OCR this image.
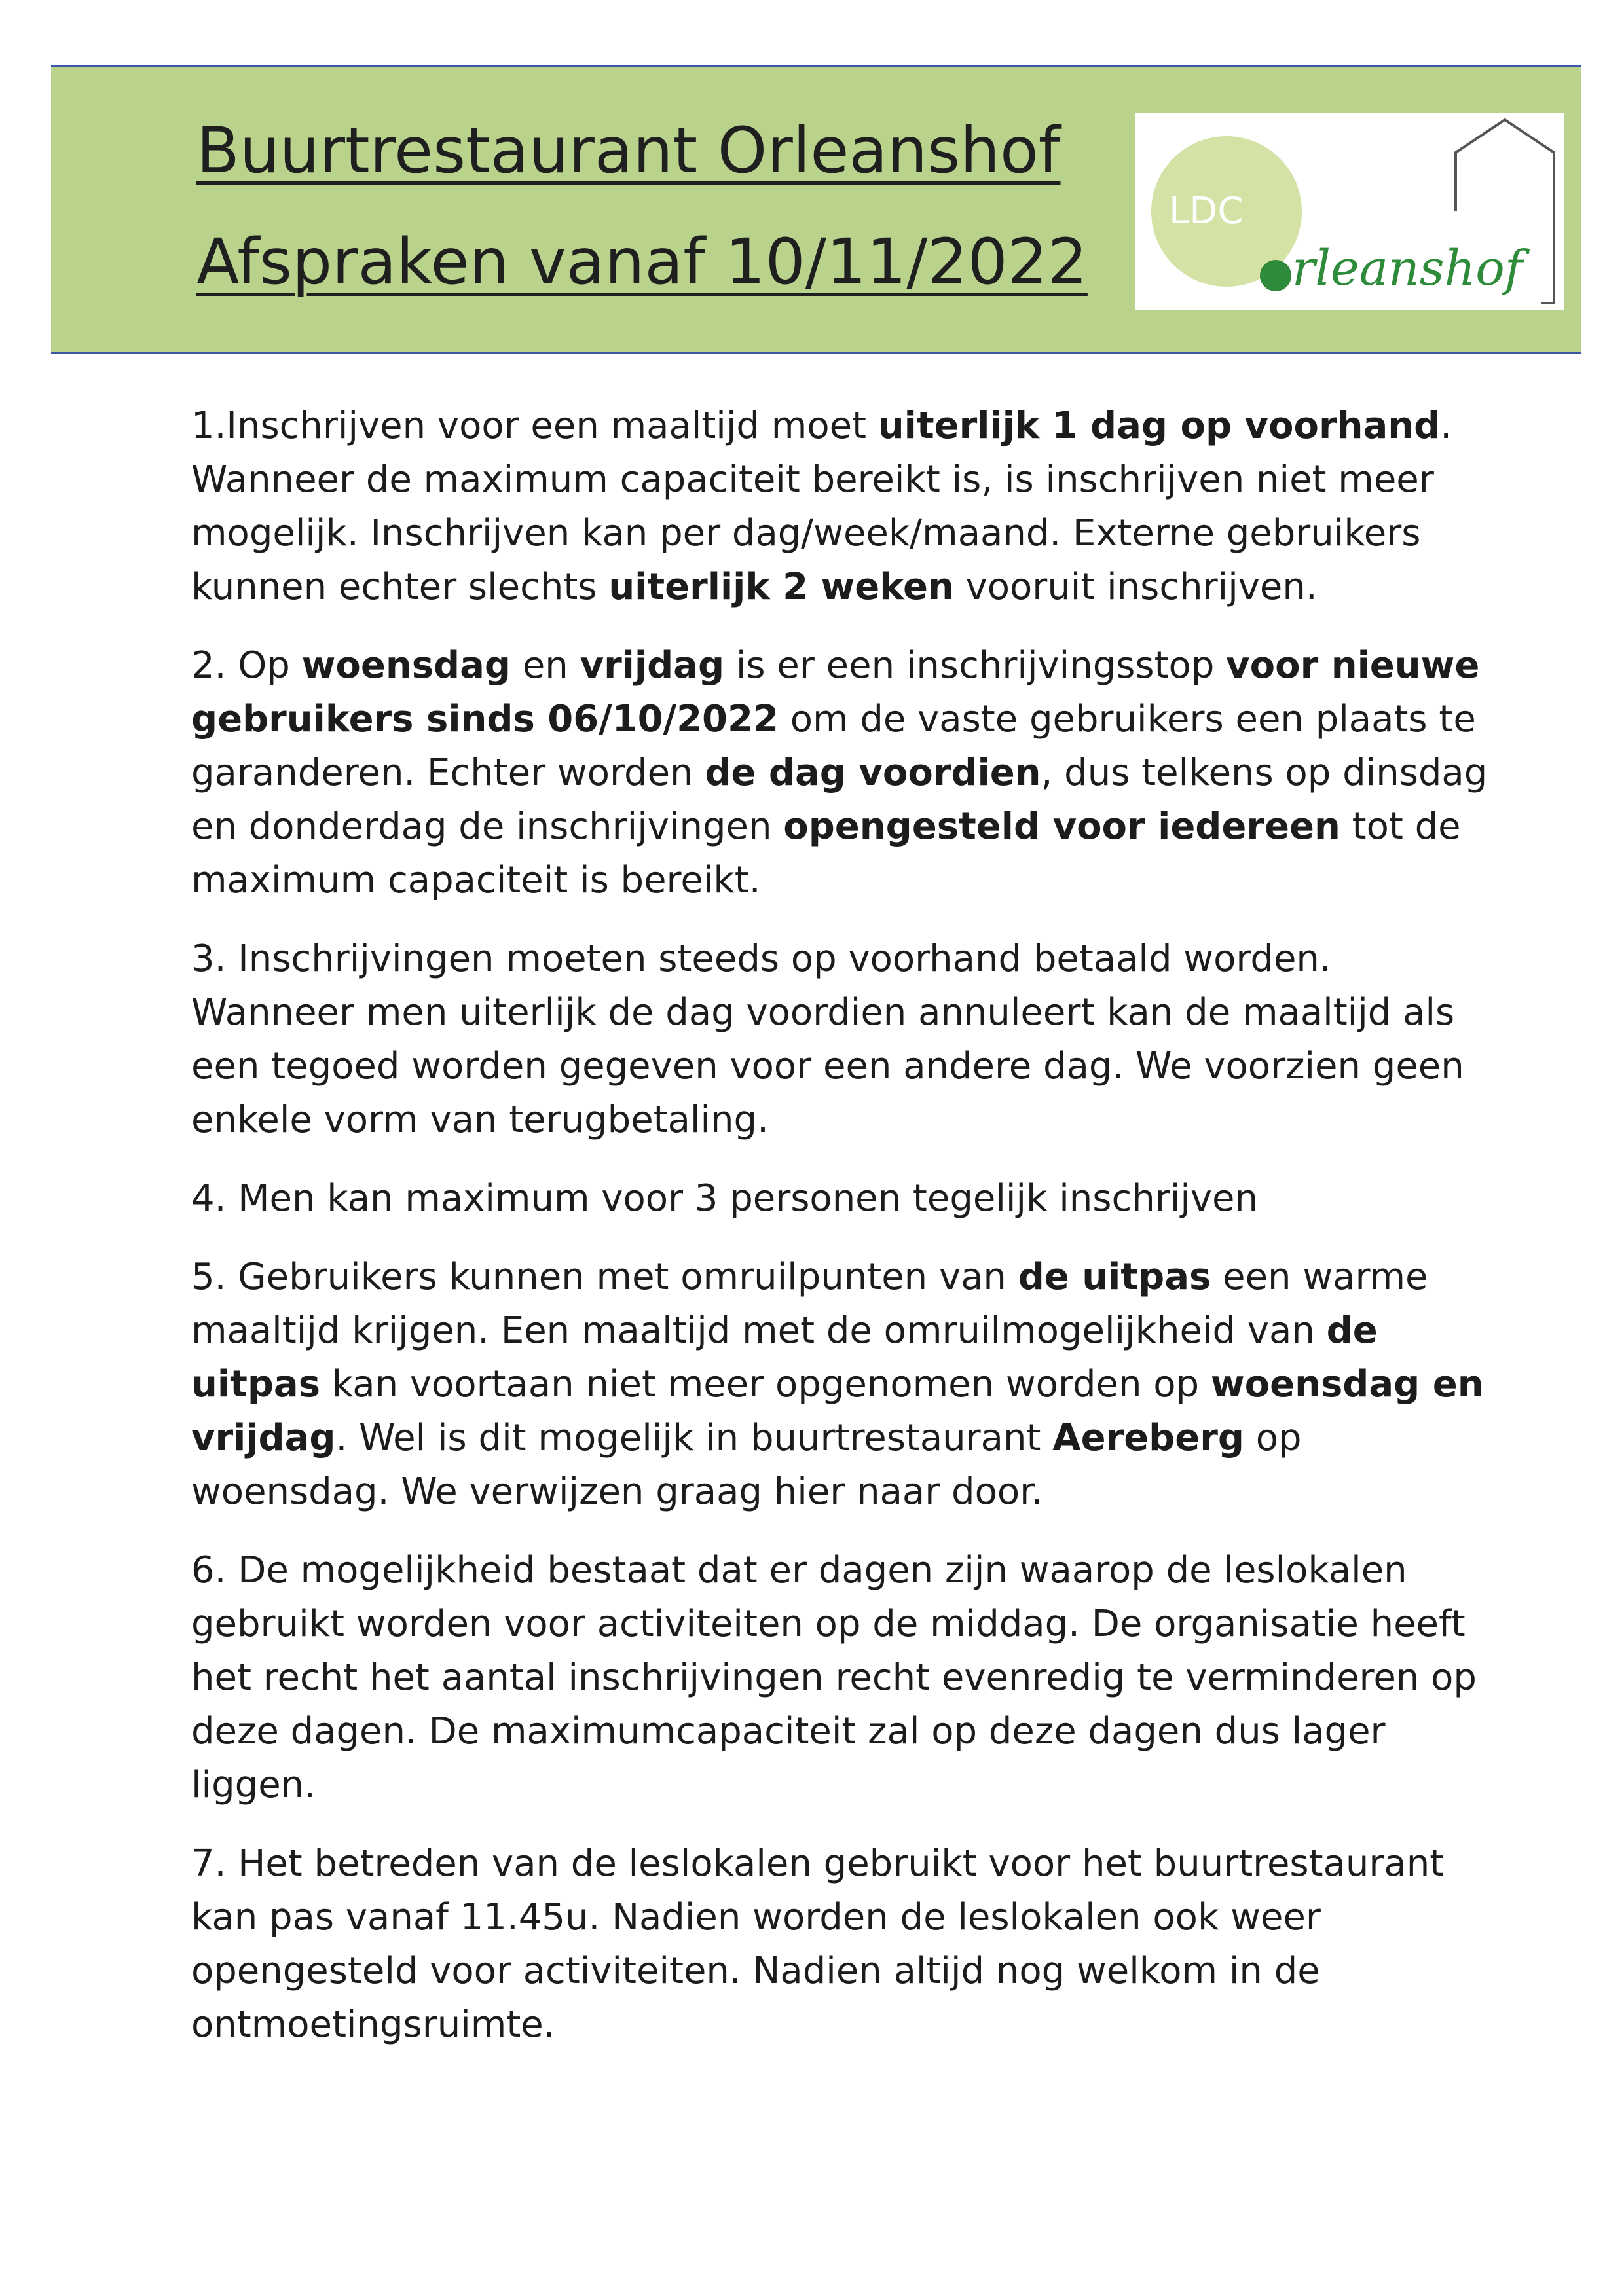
Buurtrestaurant Orleanshof
Afspraken vanaf 10/11/2022
LDC
rleanshof

1.Inschrijven voor een maaltijd moet uiterlijk 1 dag op voorhand. Wanneer de maximum capaciteit bereikt is, is inschrijven niet meer mogelijk. Inschrijven kan per dag/week/maand. Externe gebruikers kunnen echter slechts uiterlijk 2 weken vooruit inschrijven.

2. Op woensdag en vrijdag is er een inschrijvingsstop voor nieuwe gebruikers sinds 06/10/2022 om de vaste gebruikers een plaats te garanderen. Echter worden de dag voordien, dus telkens op dinsdag en donderdag de inschrijvingen opengesteld voor iedereen tot de maximum capaciteit is bereikt.

3. Inschrijvingen moeten steeds op voorhand betaald worden. Wanneer men uiterlijk de dag voordien annuleert kan de maaltijd als een tegoed worden gegeven voor een andere dag. We voorzien geen enkele vorm van terugbetaling.

4. Men kan maximum voor 3 personen tegelijk inschrijven

5. Gebruikers kunnen met omruilpunten van de uitpas een warme maaltijd krijgen. Een maaltijd met de omruilmogelijkheid van de uitpas kan voortaan niet meer opgenomen worden op woensdag en vrijdag. Wel is dit mogelijk in buurtrestaurant Aereberg op woensdag. We verwijzen graag hier naar door.

6. De mogelijkheid bestaat dat er dagen zijn waarop de leslokalen gebruikt worden voor activiteiten op de middag. De organisatie heeft het recht het aantal inschrijvingen recht evenredig te verminderen op deze dagen. De maximumcapaciteit zal op deze dagen dus lager liggen.

7. Het betreden van de leslokalen gebruikt voor het buurtrestaurant kan pas vanaf 11.45u. Nadien worden de leslokalen ook weer opengesteld voor activiteiten. Nadien altijd nog welkom in de ontmoetingsruimte.
